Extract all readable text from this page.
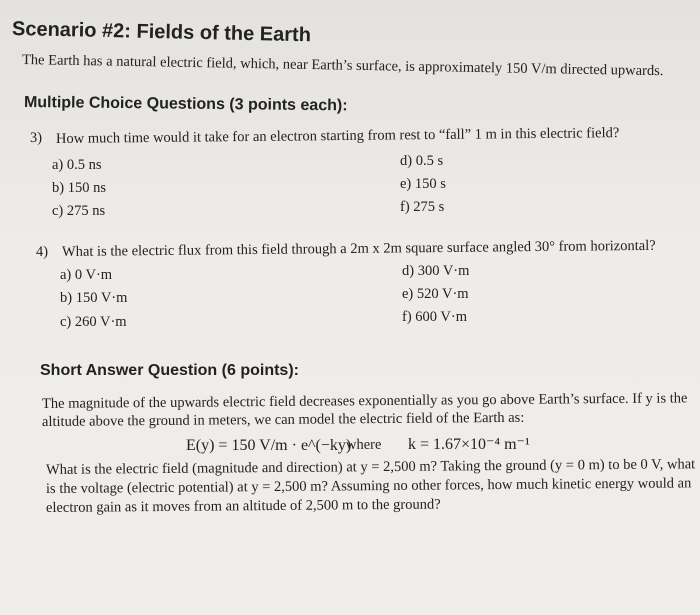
Scenario #2: Fields of the Earth
The Earth has a natural electric field, which, near Earth’s surface, is approximately 150 V/m directed upwards.
Multiple Choice Questions (3 points each):
3) How much time would it take for an electron starting from rest to “fall” 1 m in this electric field?
a) 0.5 ns
b) 150 ns
c) 275 ns
d) 0.5 s
e) 150 s
f) 275 s
4) What is the electric flux from this field through a 2m x 2m square surface angled 30° from horizontal?
a) 0 V·m
b) 150 V·m
c) 260 V·m
d) 300 V·m
e) 520 V·m
f) 600 V·m
Short Answer Question (6 points):
The magnitude of the upwards electric field decreases exponentially as you go above Earth’s surface. If y is the
altitude above the ground in meters, we can model the electric field of the Earth as:
E(y) = 150 V/m · e^(−ky)
where k = 1.67×10⁻⁴ m⁻¹
What is the electric field (magnitude and direction) at y = 2,500 m? Taking the ground (y = 0 m) to be 0 V, what
is the voltage (electric potential) at y = 2,500 m? Assuming no other forces, how much kinetic energy would an
electron gain as it moves from an altitude of 2,500 m to the ground?
